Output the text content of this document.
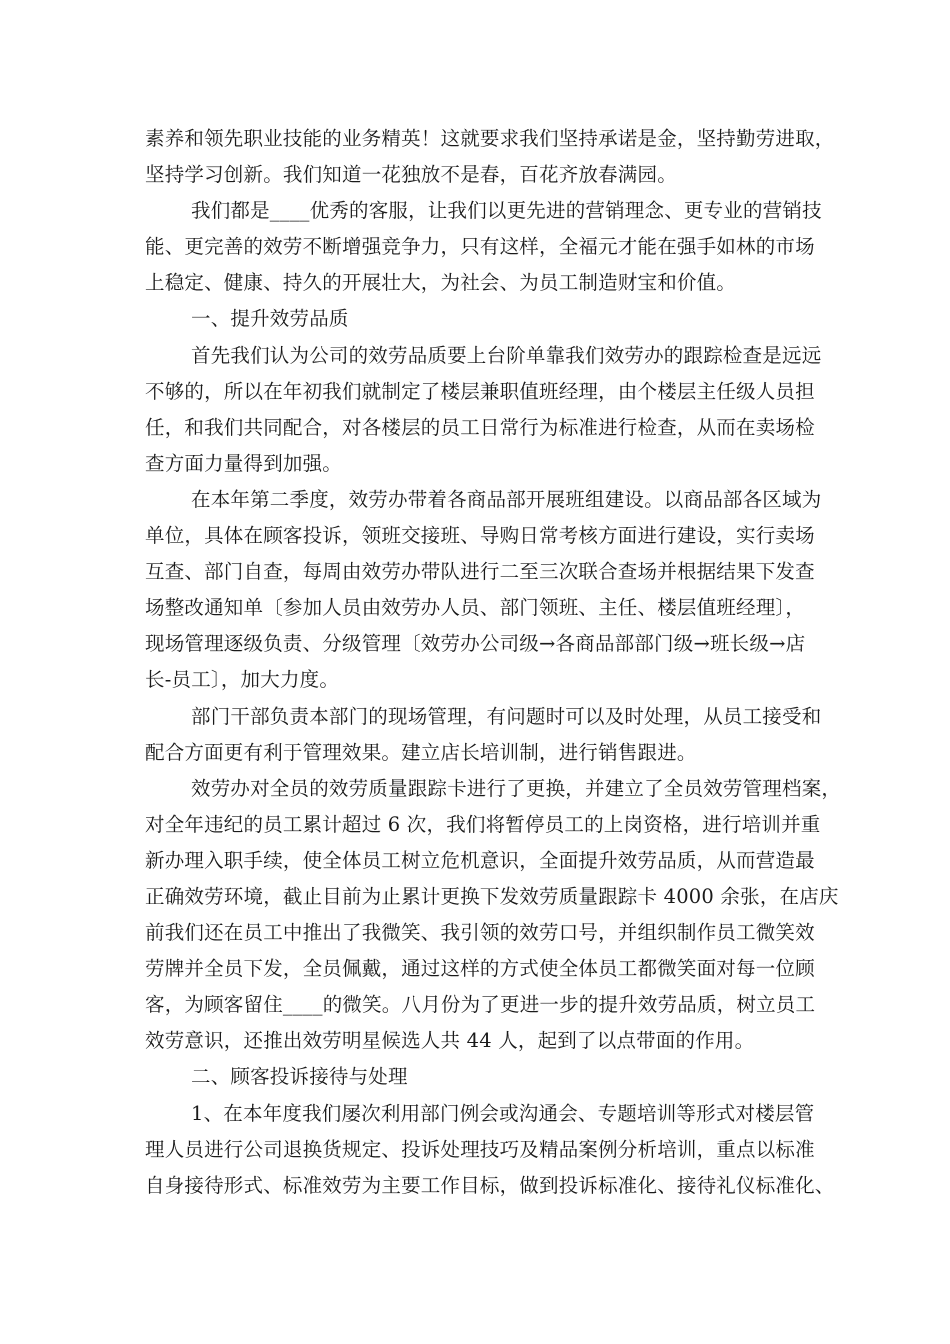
素养和领先职业技能的业务精英！这就要求我们坚持承诺是金，坚持勤劳进取，
坚持学习创新。我们知道一花独放不是春，百花齐放春满园。
我们都是____优秀的客服，让我们以更先进的营销理念、更专业的营销技
能、更完善的效劳不断增强竞争力，只有这样，全福元才能在强手如林的市场
上稳定、健康、持久的开展壮大，为社会、为员工制造财宝和价值。
一、提升效劳品质
首先我们认为公司的效劳品质要上台阶单靠我们效劳办的跟踪检查是远远
不够的，所以在年初我们就制定了楼层兼职值班经理，由个楼层主任级人员担
任，和我们共同配合，对各楼层的员工日常行为标准进行检查，从而在卖场检
查方面力量得到加强。
在本年第二季度，效劳办带着各商品部开展班组建设。以商品部各区域为
单位，具体在顾客投诉，领班交接班、导购日常考核方面进行建设，实行卖场
互查、部门自查，每周由效劳办带队进行二至三次联合查场并根据结果下发查
场整改通知单〔参加人员由效劳办人员、部门领班、主任、楼层值班经理〕，
现场管理逐级负责、分级管理〔效劳办公司级→各商品部部门级→班长级→店
长-员工〕，加大力度。
部门干部负责本部门的现场管理，有问题时可以及时处理，从员工接受和
配合方面更有利于管理效果。建立店长培训制，进行销售跟进。
效劳办对全员的效劳质量跟踪卡进行了更换，并建立了全员效劳管理档案，
对全年违纪的员工累计超过 6 次，我们将暂停员工的上岗资格，进行培训并重
新办理入职手续，使全体员工树立危机意识，全面提升效劳品质，从而营造最
正确效劳环境，截止目前为止累计更换下发效劳质量跟踪卡 4000 余张，在店庆
前我们还在员工中推出了我微笑、我引领的效劳口号，并组织制作员工微笑效
劳牌并全员下发，全员佩戴，通过这样的方式使全体员工都微笑面对每一位顾
客，为顾客留住____的微笑。八月份为了更进一步的提升效劳品质，树立员工
效劳意识，还推出效劳明星候选人共 44 人，起到了以点带面的作用。
二、顾客投诉接待与处理
1、在本年度我们屡次利用部门例会或沟通会、专题培训等形式对楼层管
理人员进行公司退换货规定、投诉处理技巧及精品案例分析培训，重点以标准
自身接待形式、标准效劳为主要工作目标，做到投诉标准化、接待礼仪标准化、
